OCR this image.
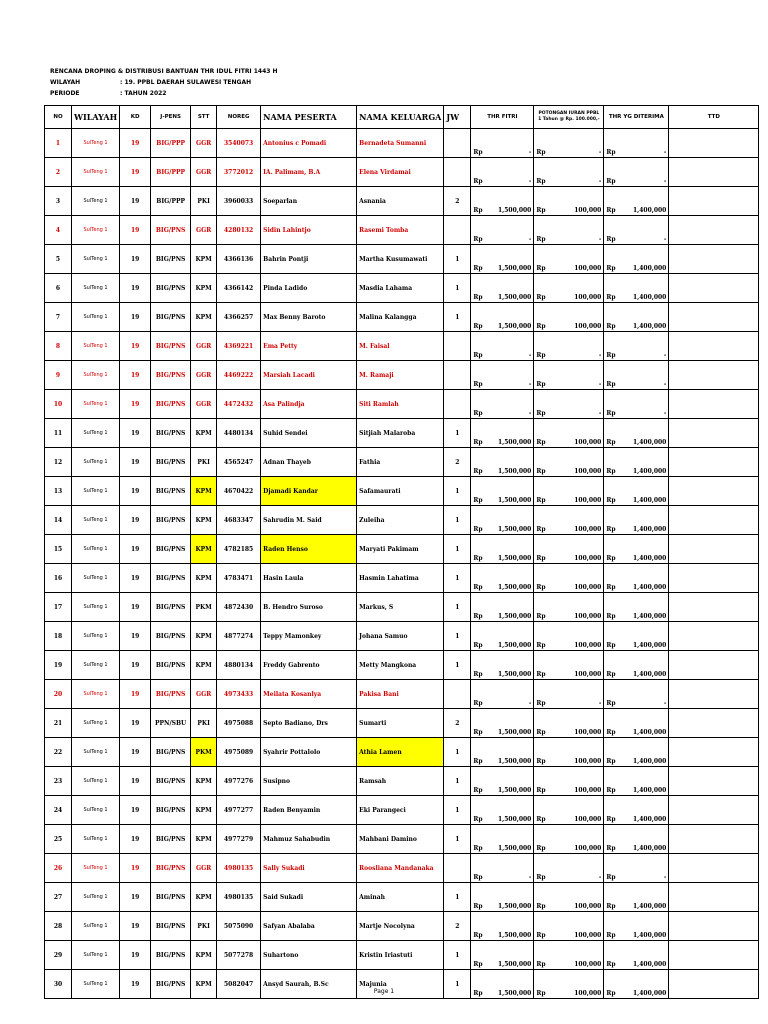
RENCANA DROPING & DISTRIBUSI BANTUAN THR IDUL FITRI 1443 H
WILAYAH	: 19. PPBL DAERAH SULAWESI TENGAH
PERIODE	: TAHUN 2022
NO	WILAYAH	KD	J-PENS	STT	NOREG	NAMA PESERTA	NAMA KELUARGA	JW	THR FITRI	POTONGAN IURAN PPBL 1 Tahun @ Rp. 100.000,-	THR YG DITERIMA	TTD
1	SulTeng 1	19	BIG/PPP	GGR	3540073	Antonius c Pomadi	Bernadeta Sumanni		Rp -	Rp -	Rp -	

2	SulTeng 1	19	BIG/PPP	GGR	3772012	IA. Palimam, B.A	Elena Virdamai		Rp -	Rp -	Rp -	

3	SulTeng 1	19	BIG/PPP	PKI	3960033	Soeparlan	Asnania	2	Rp 1,500,000	Rp 100,000	Rp 1,400,000	

4	SulTeng 1	19	BIG/PNS	GGR	4280132	Sidin Lahintjo	Rasemi Tomba		Rp -	Rp -	Rp -	

5	SulTeng 1	19	BIG/PNS	KPM	4366136	Bahrin Pontji	Martha Kusumawati	1	Rp 1,500,000	Rp 100,000	Rp 1,400,000	

6	SulTeng 1	19	BIG/PNS	KPM	4366142	Pinda Ladido	Masdia Lahama	1	Rp 1,500,000	Rp 100,000	Rp 1,400,000	

7	SulTeng 1	19	BIG/PNS	KPM	4366257	Max Benny Baroto	Malina Kalangga	1	Rp 1,500,000	Rp 100,000	Rp 1,400,000	

8	SulTeng 1	19	BIG/PNS	GGR	4369221	Ema Petty	M. Faisal		Rp -	Rp -	Rp -	

9	SulTeng 1	19	BIG/PNS	GGR	4469222	Marsiah Lacadi	M. Ramaji		Rp -	Rp -	Rp -	

10	SulTeng 1	19	BIG/PNS	GGR	4472432	Asa Palindja	Siti Ramlah		Rp -	Rp -	Rp -	

11	SulTeng 1	19	BIG/PNS	KPM	4480134	Suhid Sendei	Sitjiah Malaroba	1	Rp 1,500,000	Rp 100,000	Rp 1,400,000	

12	SulTeng 1	19	BIG/PNS	PKI	4565247	Adnan Thayeb	Fathia	2	Rp 1,500,000	Rp 100,000	Rp 1,400,000	

13	SulTeng 1	19	BIG/PNS	KPM	4670422	Djamadi Kandar	Safamaurati	1	Rp 1,500,000	Rp 100,000	Rp 1,400,000	

14	SulTeng 1	19	BIG/PNS	KPM	4683347	Sahrudin M. Said	Zuleiha	1	Rp 1,500,000	Rp 100,000	Rp 1,400,000	

15	SulTeng 1	19	BIG/PNS	KPM	4782185	Raden Henso	Maryati Pakimam	1	Rp 1,500,000	Rp 100,000	Rp 1,400,000	

16	SulTeng 1	19	BIG/PNS	KPM	4783471	Hasin Laula	Hasmin Lahatima	1	Rp 1,500,000	Rp 100,000	Rp 1,400,000	

17	SulTeng 1	19	BIG/PNS	PKM	4872430	B. Hendro Suroso	Markus, S	1	Rp 1,500,000	Rp 100,000	Rp 1,400,000	

18	SulTeng 1	19	BIG/PNS	KPM	4877274	Teppy Mamonkey	Johana Samuo	1	Rp 1,500,000	Rp 100,000	Rp 1,400,000	

19	SulTeng 1	19	BIG/PNS	KPM	4880134	Freddy Gabrento	Metty Mangkona	1	Rp 1,500,000	Rp 100,000	Rp 1,400,000	

20	SulTeng 1	19	BIG/PNS	GGR	4973433	Meilata Kosanlya	Pakisa Bani		Rp -	Rp -	Rp -	

21	SulTeng 1	19	PPN/SBU	PKI	4975088	Septo Badiano, Drs	Sumarti	2	Rp 1,500,000	Rp 100,000	Rp 1,400,000	

22	SulTeng 1	19	BIG/PNS	PKM	4975089	Syahrir Pottalolo	Athia Lamen	1	Rp 1,500,000	Rp 100,000	Rp 1,400,000	

23	SulTeng 1	19	BIG/PNS	KPM	4977276	Susipno	Ramsah	1	Rp 1,500,000	Rp 100,000	Rp 1,400,000	

24	SulTeng 1	19	BIG/PNS	KPM	4977277	Raden Benyamin	Eki Parangeci	1	Rp 1,500,000	Rp 100,000	Rp 1,400,000	

25	SulTeng 1	19	BIG/PNS	KPM	4977279	Mahmuz Sahabudin	Mahbani Damino	1	Rp 1,500,000	Rp 100,000	Rp 1,400,000	

26	SulTeng 1	19	BIG/PNS	GGR	4980135	Sally Sukadi	Roosliana Mandanaka		Rp -	Rp -	Rp -	

27	SulTeng 1	19	BIG/PNS	KPM	4980135	Said Sukadi	Aminah	1	Rp 1,500,000	Rp 100,000	Rp 1,400,000	

28	SulTeng 1	19	BIG/PNS	PKI	5075090	Safyan Abalaba	Martje Nocolyna	2	Rp 1,500,000	Rp 100,000	Rp 1,400,000	

29	SulTeng 1	19	BIG/PNS	KPM	5077278	Suhartono	Kristin Iriastuti	1	Rp 1,500,000	Rp 100,000	Rp 1,400,000	

30	SulTeng 1	19	BIG/PNS	KPM	5082047	Ansyd Saurah, B.Sc	Majunia	1	Rp 1,500,000	Rp 100,000	Rp 1,400,000	

Page 1
